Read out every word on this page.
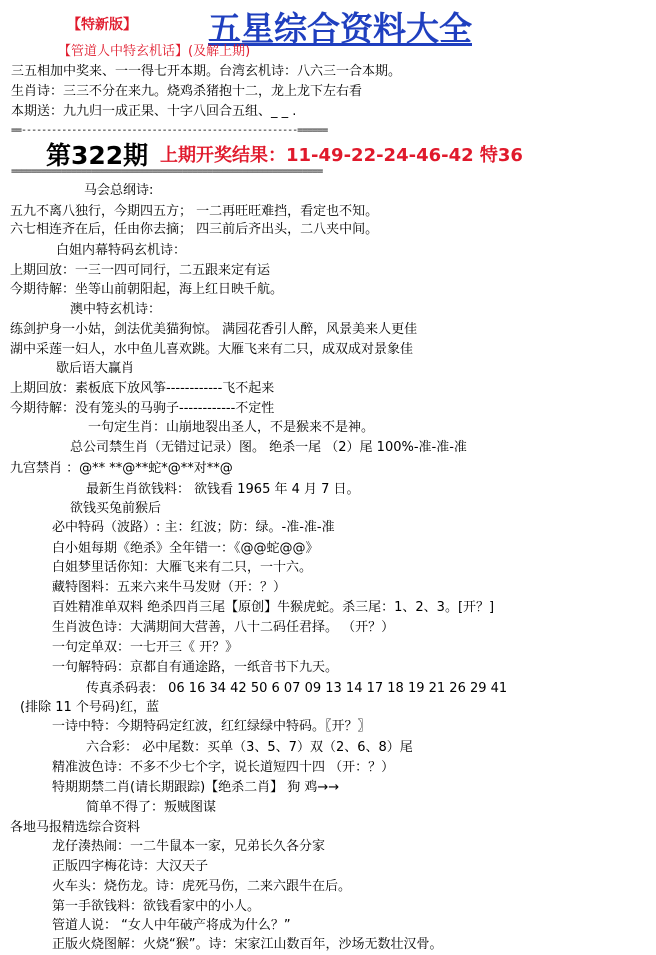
【特新版】 五星综合资料大全
【管道人中特玄机话】(及解上期)
三五相加中奖来、一一得七开本期。台湾玄机诗：八六三一合本期。
生肖诗：三三不分在来九。烧鸡杀猪抱十二，龙上龙下左右看
本期送：九九归一成正果、十字八回合五组、_ _ .
==-------------------------------------------------------======
第322期 上期开奖结果：11-49-22-24-46-42 特36
==============================================================
马会总纲诗:
五九不离八独行，今期四五方； 一二再旺旺难挡，看定也不知。
六七相连齐在后，任由你去摘； 四三前后齐出头，二八夹中间。
白姐内幕特码玄机诗：
上期回放：一三一四可同行，二五跟来定有运
今期待解：坐等山前朝阳起，海上红日映千航。
澳中特玄机诗：
练剑护身一小姑，剑法优美猫狗惊。 满园花香引人醉，风景美来人更佳
湖中采莲一妇人，水中鱼儿喜欢跳。大雁飞来有二只，成双成对景象佳
歇后语大赢肖
上期回放：素板底下放风筝------------飞不起来
今期待解：没有笼头的马驹子------------不定性
一句定生肖：山崩地裂出圣人，不是猴来不是神。
总公司禁生肖（无错过记录）图。 绝杀一尾 （2）尾 100%-准-准-准
九宫禁肖 ：@** **@**蛇*@**对**@
最新生肖欲钱料： 欲钱看 1965 年 4 月 7 日。
欲钱买兔前猴后
必中特码（波路）: 主：红波；防：绿。-准-准-准
白小姐每期《绝杀》全年错一：《@@蛇@@》
白姐梦里话你知：大雁飞来有二只，一十六。
藏特图料：五来六来牛马发财（开：？）
百姓精准单双料 绝杀四肖三尾【原创】牛猴虎蛇。杀三尾：1、2、3。[开？]
生肖波色诗：大满期间大营善，八十二码任君择。 （开？）
一句定单双：一七开三《 开？》
一句解特码：京都自有通途路，一纸音书下九天。
传真杀码表： 06 16 34 42 50 6 07 09 13 14 17 18 19 21 26 29 41
(排除 11 个号码)红，蓝
一诗中特：今期特码定红波，红红绿绿中特码。〖开？〗
六合彩： 必中尾数：买单（3、5、7）双（2、6、8）尾
精准波色诗：不多不少七个字，说长道短四十四 （开：？）
特期期禁二肖(请长期跟踪)【绝杀二肖】 狗 鸡→→
简单不得了：叛贼图谋
各地马报精选综合资料
龙仔湊热闹：一二牛鼠本一家，兄弟长久各分家
正版四字梅花诗：大汉天子
火车头：烧伤龙。诗：虎死马伤，二来六跟牛在后。
第一手欲钱料：欲钱看家中的小人。
管道人说： “女人中年破产将成为什么？”
正版火烧图解：火烧“猴”。诗：宋家江山数百年，沙场无数壮汉骨。
